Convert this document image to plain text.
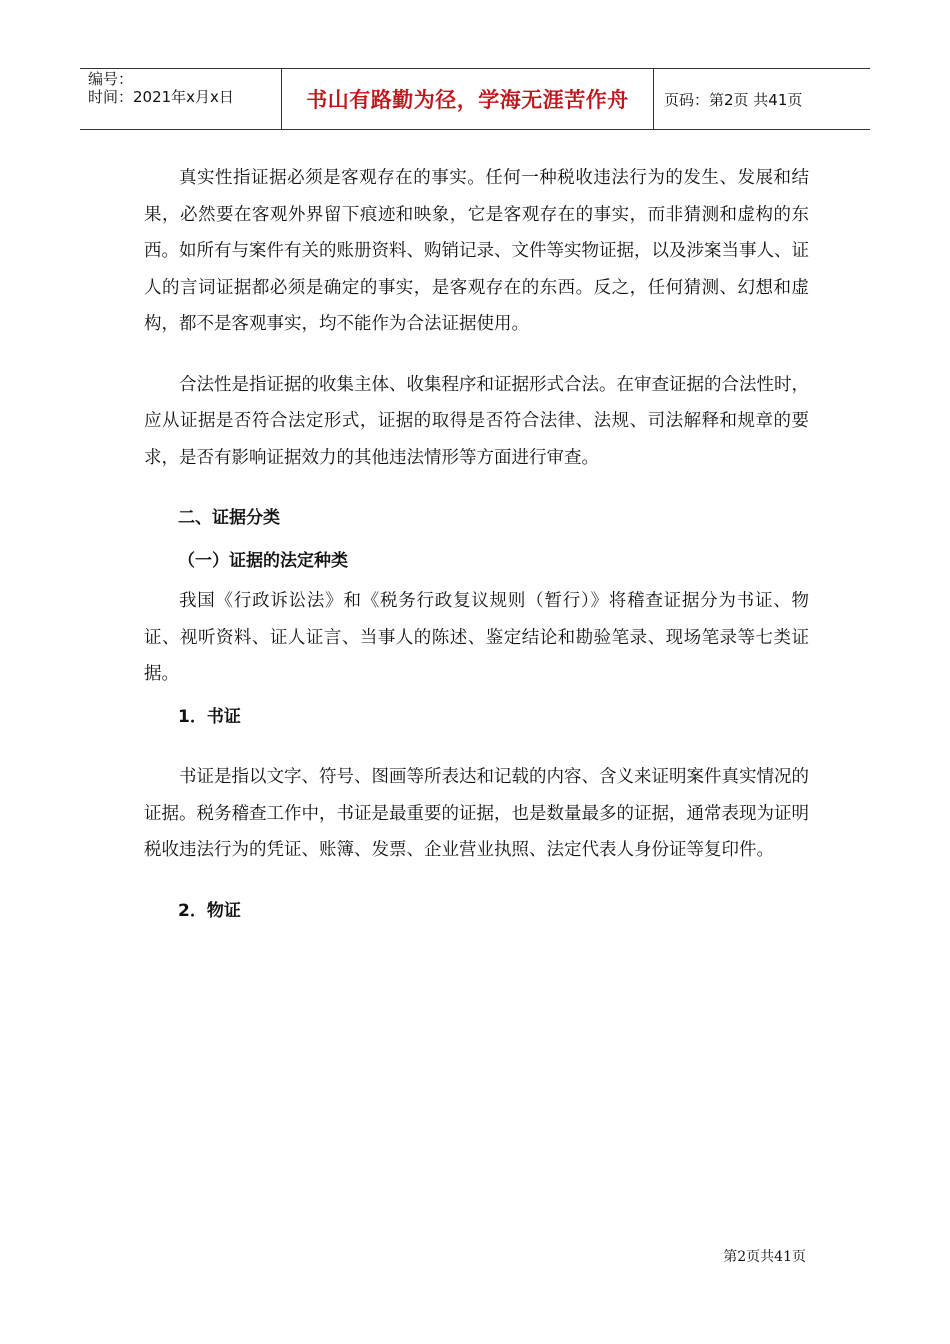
编号：
时间：2021年x月x日	书山有路勤为径，学海无涯苦作舟	页码：第2页 共41页

真实性指证据必须是客观存在的事实。任何一种税收违法行为的发生、发展和结果，必然要在客观外界留下痕迹和映象，它是客观存在的事实，而非猜测和虚构的东西。如所有与案件有关的账册资料、购销记录、文件等实物证据，以及涉案当事人、证人的言词证据都必须是确定的事实，是客观存在的东西。反之，任何猜测、幻想和虚构，都不是客观事实，均不能作为合法证据使用。

合法性是指证据的收集主体、收集程序和证据形式合法。在审查证据的合法性时，应从证据是否符合法定形式，证据的取得是否符合法律、法规、司法解释和规章的要求，是否有影响证据效力的其他违法情形等方面进行审查。

二、证据分类

（一）证据的法定种类

我国《行政诉讼法》和《税务行政复议规则（暂行）》将稽查证据分为书证、物证、视听资料、证人证言、当事人的陈述、鉴定结论和勘验笔录、现场笔录等七类证据。

1．书证

书证是指以文字、符号、图画等所表达和记载的内容、含义来证明案件真实情况的证据。税务稽查工作中，书证是最重要的证据，也是数量最多的证据，通常表现为证明税收违法行为的凭证、账簿、发票、企业营业执照、法定代表人身份证等复印件。

2．物证

第2页共41页
